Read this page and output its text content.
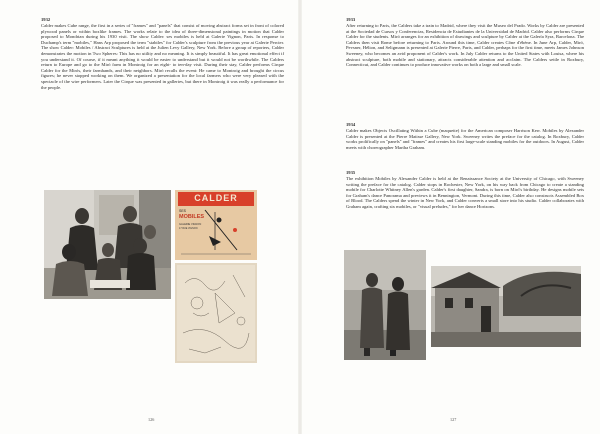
1932

Calder makes Cube range, the first in a series of "frames" and "panels" that consist of moving abstract forms set in front of colored plywood panels or within boxlike frames. The works relate to the idea of three-dimensional paintings in motion that Calder proposed to Mondrian during his 1930 visit. The show Calder: ses mobiles is held at Galerie Vignon, Paris. In response to Duchamp's term "mobiles," Hans Arp proposed the term "stabiles" for Calder's sculpture from the previous year at Galerie Percier. The show Calder: Mobiles / Abstract Sculptures is held at the Julien Levy Gallery, New York. Before a group of reporters, Calder demonstrates the motion in Two Spheres: This has no utility and no meaning. It is simply beautiful. It has great emotional effect if you understand it. Of course, if it meant anything it would be easier to understand but it would not be worthwhile. The Calders return to Europe and go to the Miró farm in Montroig for an eight- to ten-day visit. During their stay, Calder performs Cirque Calder for the Mirós, their farmhands, and their neighbors. Miró recalls the event: He came to Montroig and brought the circus figures; he never stopped working on them. We organized a presentation for the local farmers who were very pleased with the spectacle of the wire performers. Later the Cirque was presented in galleries, but there in Montroig it was really a performance for the people.

CALDER
SES
MOBILES
GALERIE VIGNON
17 RUE VIGNON
126

1933

After returning to Paris, the Calders take a train to Madrid, where they visit the Museo del Prado. Works by Calder are presented at the Sociedad de Cursos y Conferencias, Residencia de Estudiantes de la Universidad de Madrid. Calder also performs Cirque Calder for the students. Miró arranges for an exhibition of drawings and sculpture by Calder at the Galería Syra, Barcelona. The Calders then visit Rome before returning to Paris. Around this time, Calder creates Cône d'ébène. In June Arp, Calder, Miró, Pevsner, Hélion, and Seligmann is presented at Galerie Pierre, Paris, and Calder, perhaps for the first time, meets James Johnson Sweeney, who becomes an avid proponent of Calder's work. In July Calder returns to the United States with Louisa, where his abstract sculpture, both mobile and stationary, attracts considerable attention and acclaim. The Calders settle in Roxbury, Connecticut, and Calder continues to produce innovative works on both a large and small scale.

1934

Calder makes Objects Oscillating Within a Cube (maquette) for the American composer Harrison Kerr. Mobiles by Alexander Calder is presented at the Pierre Matisse Gallery, New York. Sweeney writes the preface for the catalog. In Roxbury, Calder works prolifically on "panels" and "frames" and creates his first large-scale standing mobiles for the outdoors. In August, Calder meets with choreographer Martha Graham.

1935

The exhibition Mobiles by Alexander Calder is held at the Renaissance Society at the University of Chicago, with Sweeney writing the preface for the catalog. Calder stops in Rochester, New York, on his way back from Chicago to create a standing mobile for Charlotte Whitney Allen's garden. Calder's first daughter, Sandra, is born on Miró's birthday. He designs mobile sets for Graham's dance Panorama and previews it in Bennington, Vermont. During this time, Calder also constructs Assembled Box of Blood. The Calders spend the winter in New York, and Calder converts a small store into his studio. Calder collaborates with Graham again, crafting six mobiles, or "visual preludes," for her dance Horizons.

127
